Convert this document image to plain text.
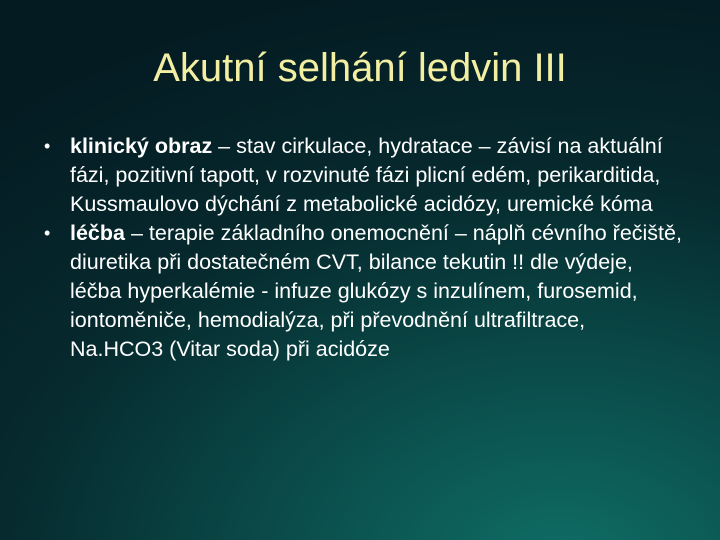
Akutní selhání ledvin III
• klinický obraz – stav cirkulace, hydratace – závisí na aktuální fázi, pozitivní tapott, v rozvinuté fázi plicní edém, perikarditida, Kussmaulovo dýchání z metabolické acidózy, uremické kóma
• léčba – terapie základního onemocnění – náplň cévního řečiště, diuretika při dostatečném CVT, bilance tekutin !! dle výdeje, léčba hyperkalémie - infuze glukózy s inzulínem, furosemid, iontoměniče, hemodialýza, při převodnění ultrafiltrace, Na.HCO3 (Vitar soda) při acidóze
